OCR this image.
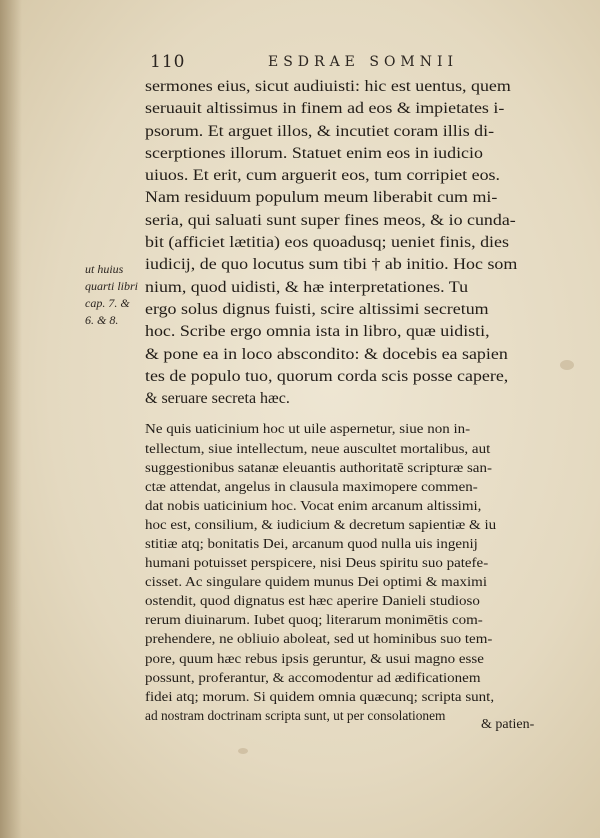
110	ESDRAE SOMNII
ut huius
quarti libri
cap. 7. &
6. & 8.
sermones eius, sicut audiuisti: hic est uentus, quem
seruauit altissimus in finem ad eos & impietates i-
psorum. Et arguet illos, & incutiet coram illis di-
scerptiones illorum. Statuet enim eos in iudicio
uiuos. Et erit, cum arguerit eos, tum corripiet eos.
Nam residuum populum meum liberabit cum mi-
seria, qui saluati sunt super fines meos, & io cunda-
bit (afficiet lætitia) eos quoadusq; ueniet finis, dies
iudicij, de quo locutus sum tibi † ab initio. Hoc som
nium, quod uidisti, & hæ interpretationes. Tu
ergo solus dignus fuisti, scire altissimi secretum
hoc. Scribe ergo omnia ista in libro, quæ uidisti,
& pone ea in loco abscondito: & docebis ea sapien
tes de populo tuo, quorum corda scis posse capere,
& seruare secreta hæc.
Ne quis uaticinium hoc ut uile aspernetur, siue non in-
tellectum, siue intellectum, neue auscultet mortalibus, aut
suggestionibus satanæ eleuantis authoritatē scripturæ san-
ctæ attendat, angelus in clausula maximopere commen-
dat nobis uaticinium hoc. Vocat enim arcanum altissimi,
hoc est, consilium, & iudicium & decretum sapientiæ & iu
stitiæ atq; bonitatis Dei, arcanum quod nulla uis ingenij
humani potuisset perspicere, nisi Deus spiritu suo patefe-
cisset. Ac singulare quidem munus Dei optimi & maximi
ostendit, quod dignatus est hæc aperire Danieli studioso
rerum diuinarum. Iubet quoq; literarum monimētis com-
prehendere, ne obliuio aboleat, sed ut hominibus suo tem-
pore, quum hæc rebus ipsis geruntur, & usui magno esse
possunt, proferantur, & accomodentur ad ædificationem
fidei atq; morum. Si quidem omnia quæcunq; scripta sunt,
ad nostram doctrinam scripta sunt, ut per consolationem
& patien-
